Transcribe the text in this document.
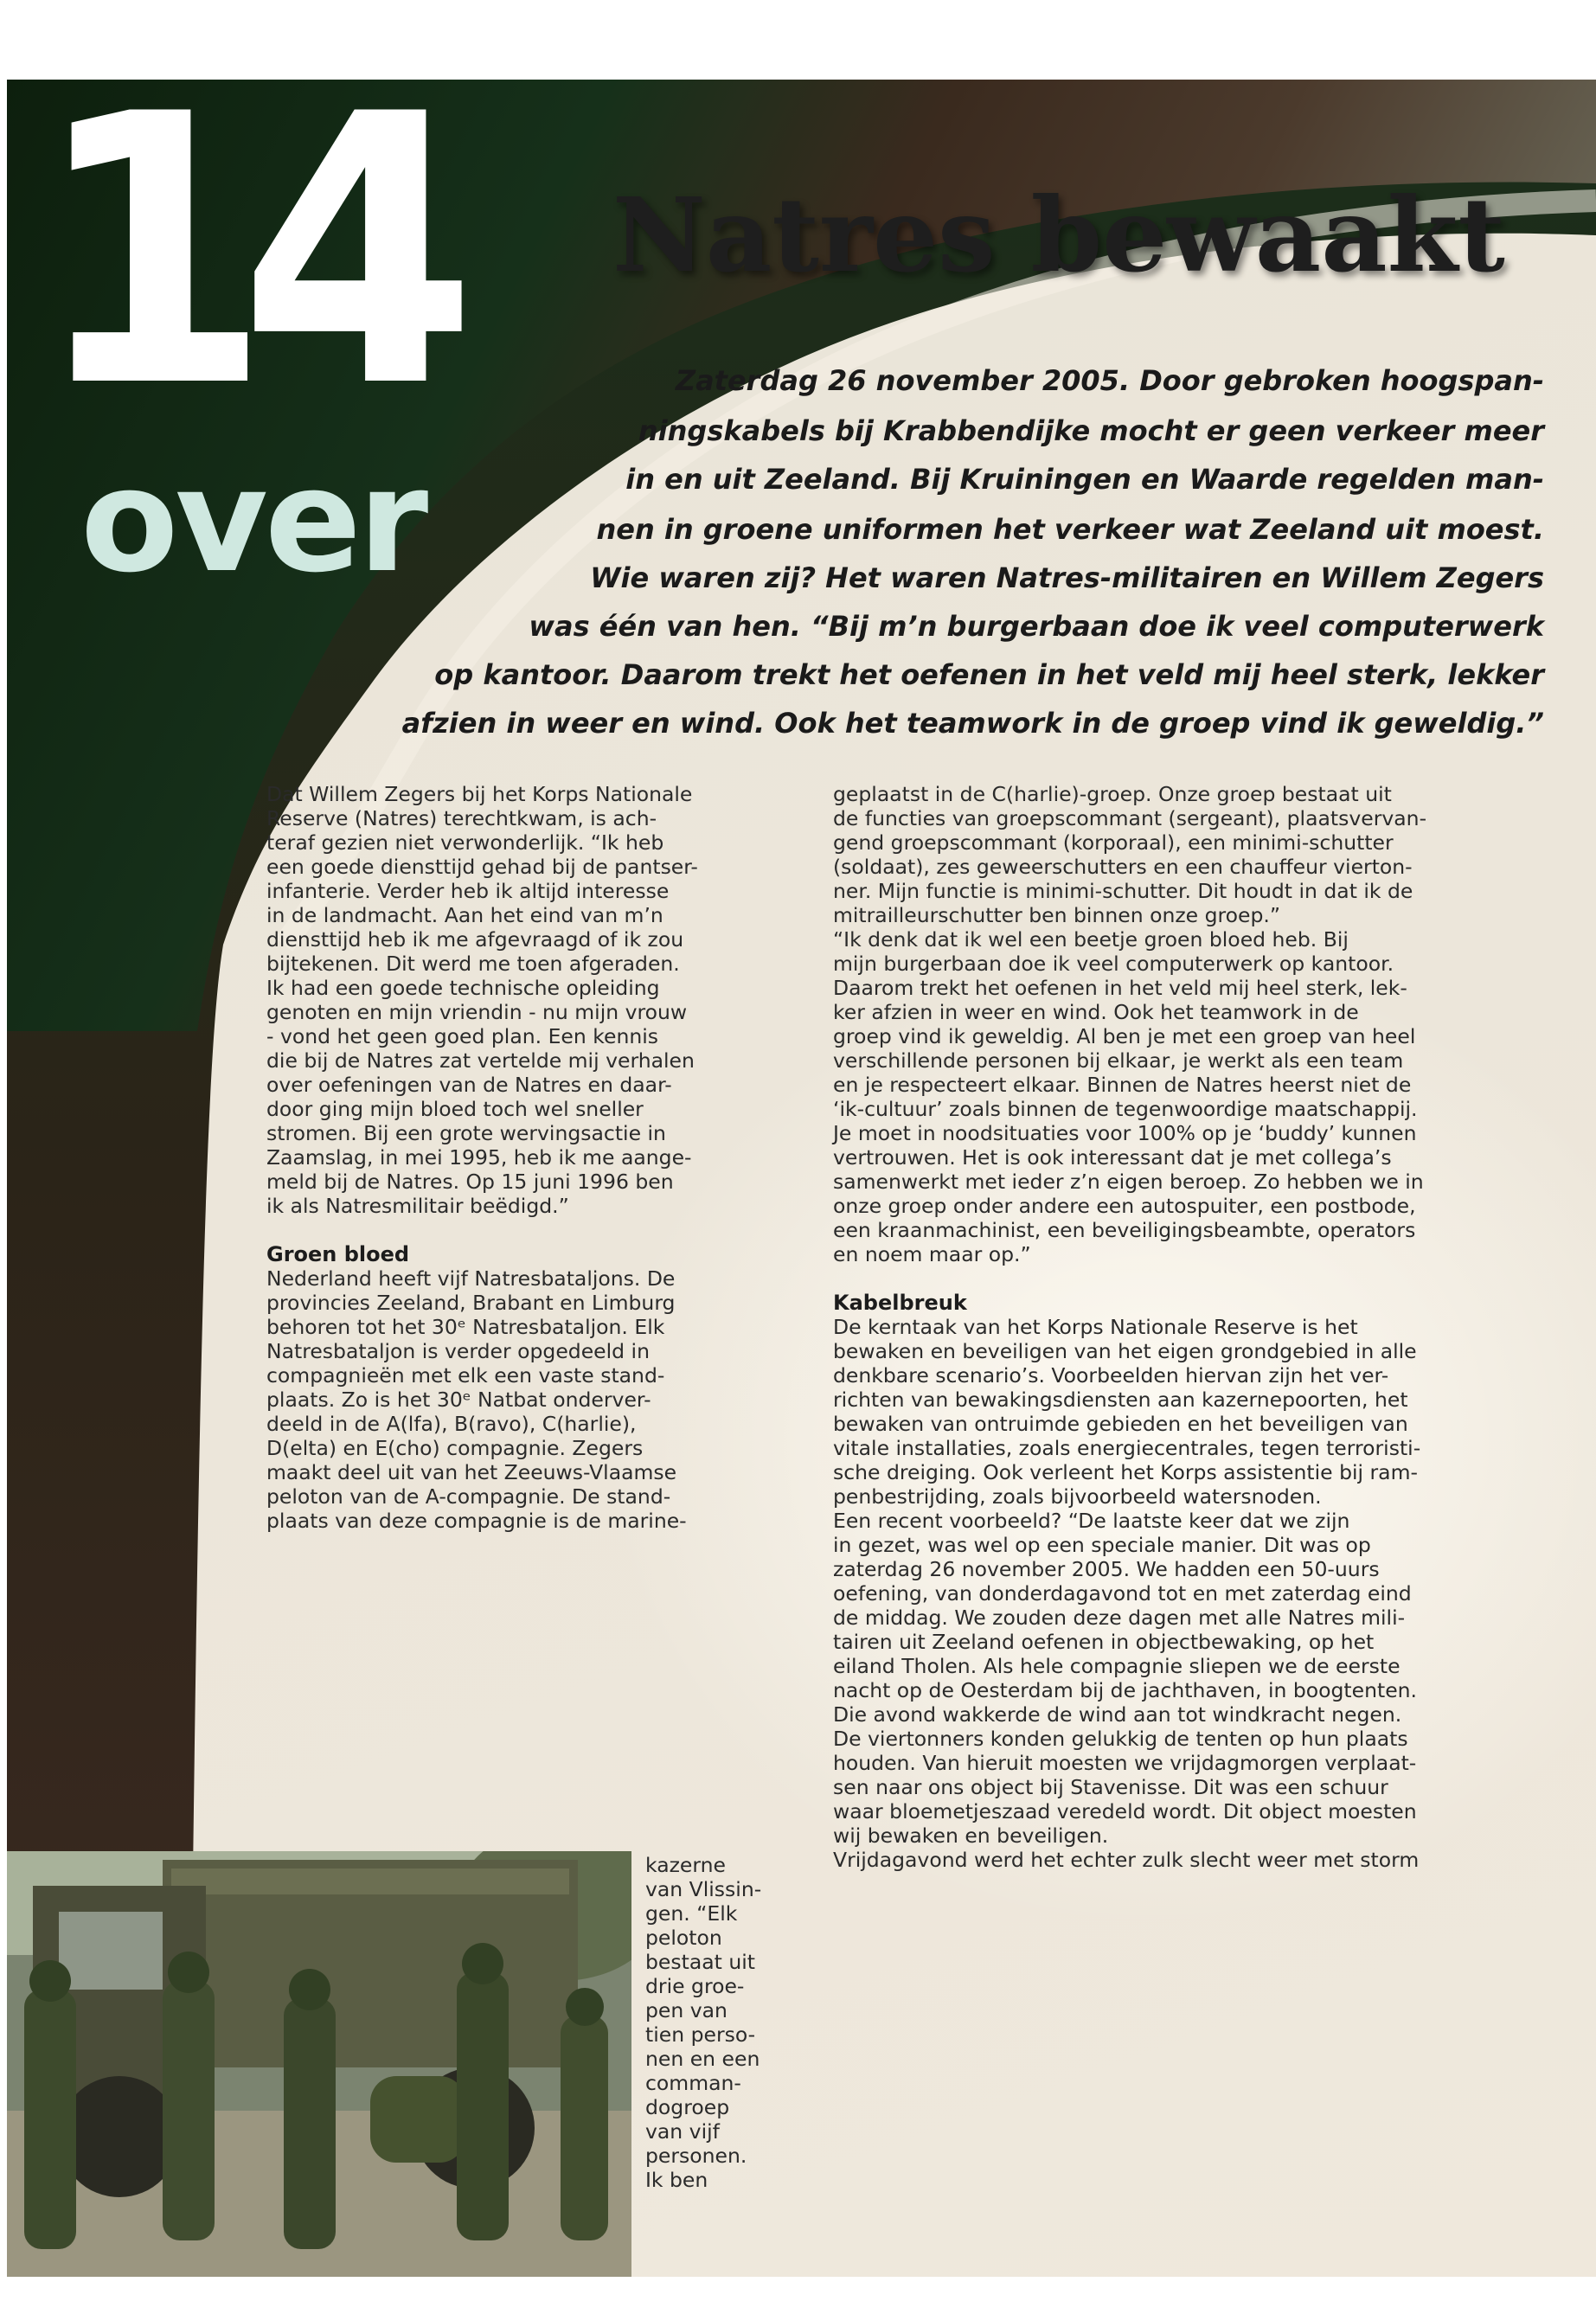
14
over
Natres bewaakt
Zaterdag 26 november 2005. Door gebroken hoogspan-
ningskabels bij Krabbendijke mocht er geen verkeer meer
in en uit Zeeland. Bij Kruiningen en Waarde regelden man-
nen in groene uniformen het verkeer wat Zeeland uit moest.
Wie waren zij? Het waren Natres-militairen en Willem Zegers
was één van hen. “Bij m’n burgerbaan doe ik veel computerwerk
op kantoor. Daarom trekt het oefenen in het veld mij heel sterk, lekker
afzien in weer en wind. Ook het teamwork in de groep vind ik geweldig.”

Dat Willem Zegers bij het Korps Nationale

Reserve (Natres) terechtkwam, is ach-

teraf gezien niet verwonderlijk. “Ik heb

een goede diensttijd gehad bij de pantser-

infanterie. Verder heb ik altijd interesse

in de landmacht. Aan het eind van m’n

diensttijd heb ik me afgevraagd of ik zou

bijtekenen. Dit werd me toen afgeraden.

Ik had een goede technische opleiding

genoten en mijn vriendin - nu mijn vrouw

- vond het geen goed plan. Een kennis

die bij de Natres zat vertelde mij verhalen

over oefeningen van de Natres en daar-

door ging mijn bloed toch wel sneller

stromen. Bij een grote wervingsactie in

Zaamslag, in mei 1995, heb ik me aange-

meld bij de Natres. Op 15 juni 1996 ben

ik als Natresmilitair beëdigd.”

Groen bloed

Nederland heeft vijf Natresbataljons. De

provincies Zeeland, Brabant en Limburg

behoren tot het 30ᵉ Natresbataljon. Elk

Natresbataljon is verder opgedeeld in

compagnieën met elk een vaste stand-

plaats. Zo is het 30ᵉ Natbat onderver-

deeld in de A(lfa), B(ravo), C(harlie),

D(elta) en E(cho) compagnie. Zegers

maakt deel uit van het Zeeuws-Vlaamse

peloton van de A-compagnie. De stand-

plaats van deze compagnie is de marine-

kazerne

van Vlissin-

gen. “Elk

peloton

bestaat uit

drie groe-

pen van

tien perso-

nen en een

comman-

dogroep

van vijf

personen.

Ik ben

geplaatst in de C(harlie)-groep. Onze groep bestaat uit

de functies van groepscommant (sergeant), plaatsvervan-

gend groepscommant (korporaal), een minimi-schutter

(soldaat), zes geweerschutters en een chauffeur vierton-

ner. Mijn functie is minimi-schutter. Dit houdt in dat ik de

mitrailleurschutter ben binnen onze groep.”

“Ik denk dat ik wel een beetje groen bloed heb. Bij

mijn burgerbaan doe ik veel computerwerk op kantoor.

Daarom trekt het oefenen in het veld mij heel sterk, lek-

ker afzien in weer en wind. Ook het teamwork in de

groep vind ik geweldig. Al ben je met een groep van heel

verschillende personen bij elkaar, je werkt als een team

en je respecteert elkaar. Binnen de Natres heerst niet de

‘ik-cultuur’ zoals binnen de tegenwoordige maatschappij.

Je moet in noodsituaties voor 100% op je ‘buddy’ kunnen

vertrouwen. Het is ook interessant dat je met collega’s

samenwerkt met ieder z’n eigen beroep. Zo hebben we in

onze groep onder andere een autospuiter, een postbode,

een kraanmachinist, een beveiligingsbeambte, operators

en noem maar op.”

Kabelbreuk

De kerntaak van het Korps Nationale Reserve is het

bewaken en beveiligen van het eigen grondgebied in alle

denkbare scenario’s. Voorbeelden hiervan zijn het ver-

richten van bewakingsdiensten aan kazernepoorten, het

bewaken van ontruimde gebieden en het beveiligen van

vitale installaties, zoals energiecentrales, tegen terroristi-

sche dreiging. Ook verleent het Korps assistentie bij ram-

penbestrijding, zoals bijvoorbeeld watersnoden.

Een recent voorbeeld? “De laatste keer dat we zijn

in gezet, was wel op een speciale manier. Dit was op

zaterdag 26 november 2005. We hadden een 50-uurs

oefening, van donderdagavond tot en met zaterdag eind

de middag. We zouden deze dagen met alle Natres mili-

tairen uit Zeeland oefenen in objectbewaking, op het

eiland Tholen. Als hele compagnie sliepen we de eerste

nacht op de Oesterdam bij de jachthaven, in boogtenten.

Die avond wakkerde de wind aan tot windkracht negen.

De viertonners konden gelukkig de tenten op hun plaats

houden. Van hieruit moesten we vrijdagmorgen verplaat-

sen naar ons object bij Stavenisse. Dit was een schuur

waar bloemetjeszaad veredeld wordt. Dit object moesten

wij bewaken en beveiligen.

Vrijdagavond werd het echter zulk slecht weer met storm
